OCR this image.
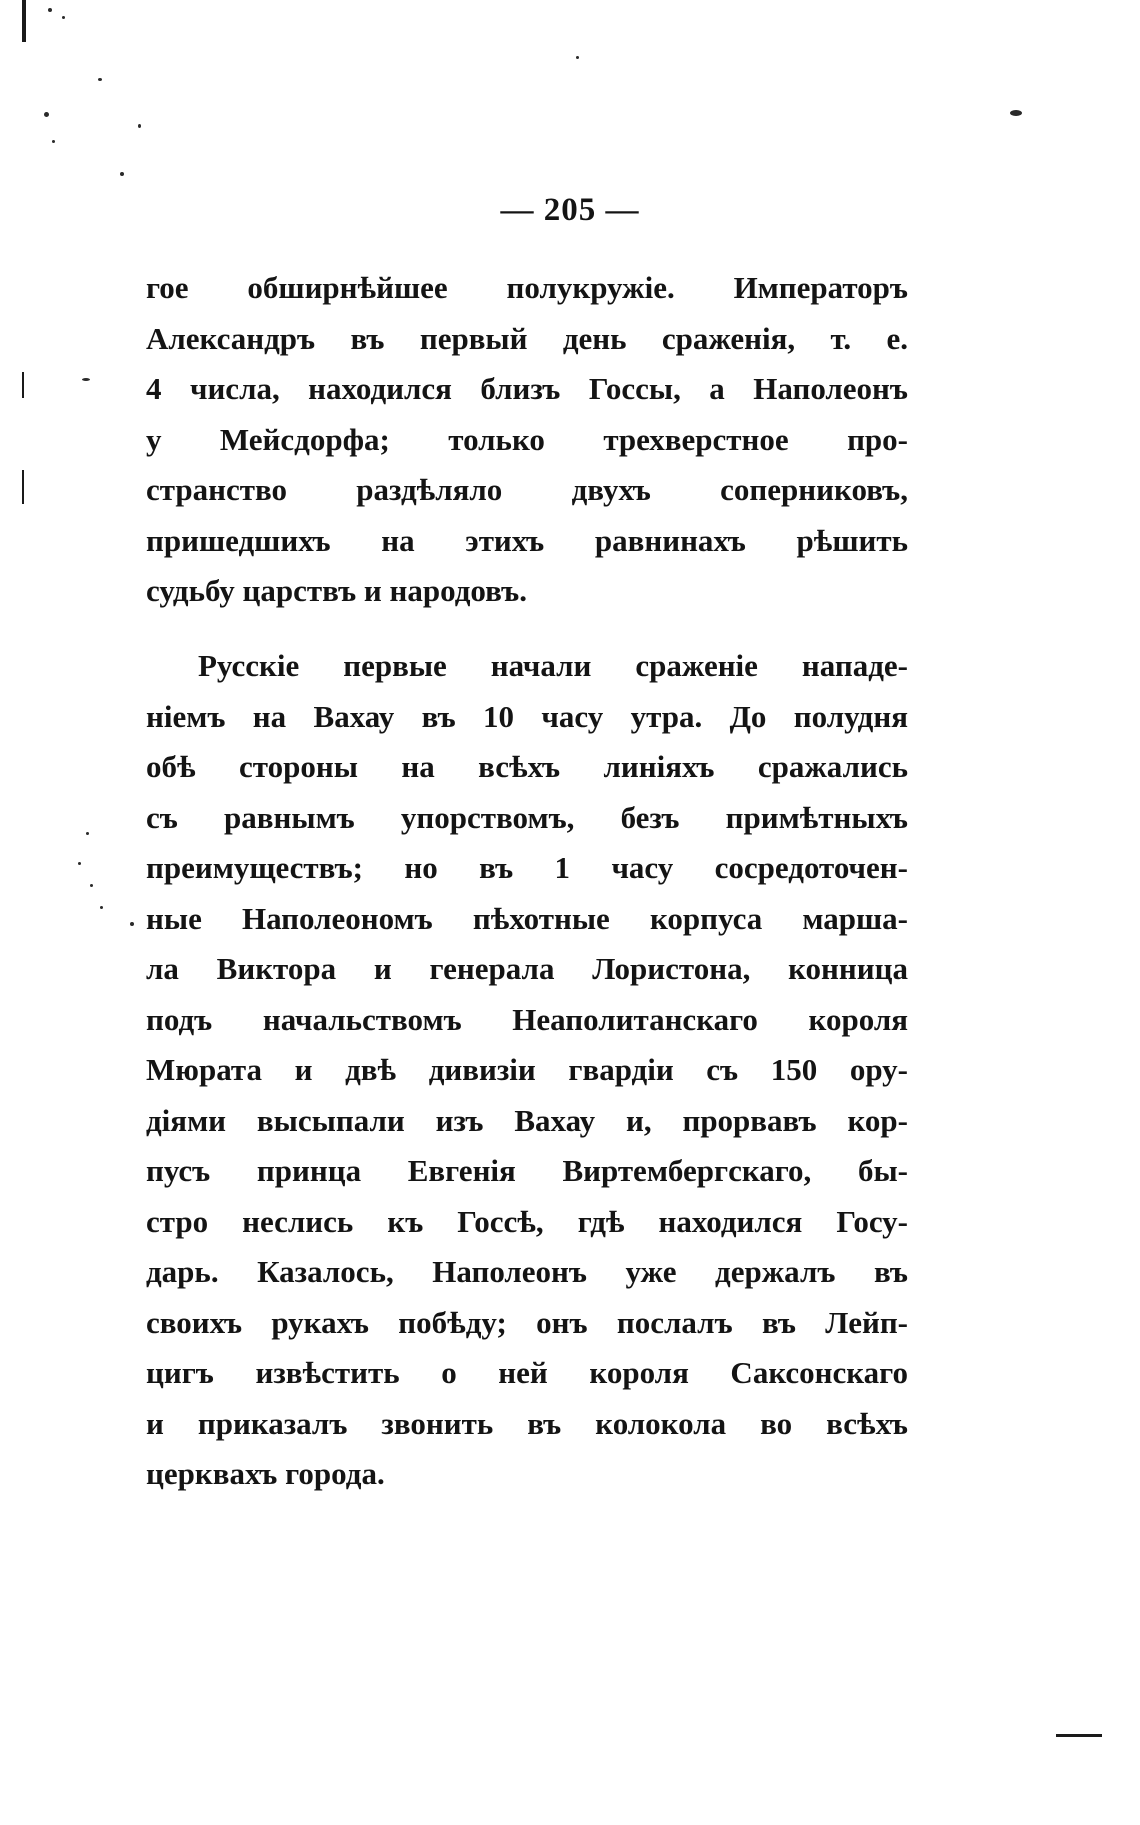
— 205 —
гое обширнѣйшее полукружіе. Императоръ
Александръ въ первый день сраженія, т. е.
4 числа, находился близъ Госсы, а Наполеонъ
у Мейсдорфа; только трехверстное про-
странство раздѣляло двухъ соперниковъ,
пришедшихъ на этихъ равнинахъ рѣшить
судьбу царствъ и народовъ.
Русскіе первые начали сраженіе нападе-
ніемъ на Вахау въ 10 часу утра. До полудня
обѣ стороны на всѣхъ линіяхъ сражались
съ равнымъ упорствомъ, безъ примѣтныхъ
преимуществъ; но въ 1 часу сосредоточен-
ные Наполеономъ пѣхотные корпуса марша-
ла Виктора и генерала Лористона, конница
подъ начальствомъ Неаполитанскаго короля
Мюрата и двѣ дивизіи гвардіи съ 150 ору-
діями высыпали изъ Вахау и, прорвавъ кор-
пусъ принца Евгенія Виртембергскаго, бы-
стро неслись къ Госсѣ, гдѣ находился Госу-
дарь. Казалось, Наполеонъ уже держалъ въ
своихъ рукахъ побѣду; онъ послалъ въ Лейп-
цигъ извѣстить о ней короля Саксонскаго
и приказалъ звонить въ колокола во всѣхъ
церквахъ города.
